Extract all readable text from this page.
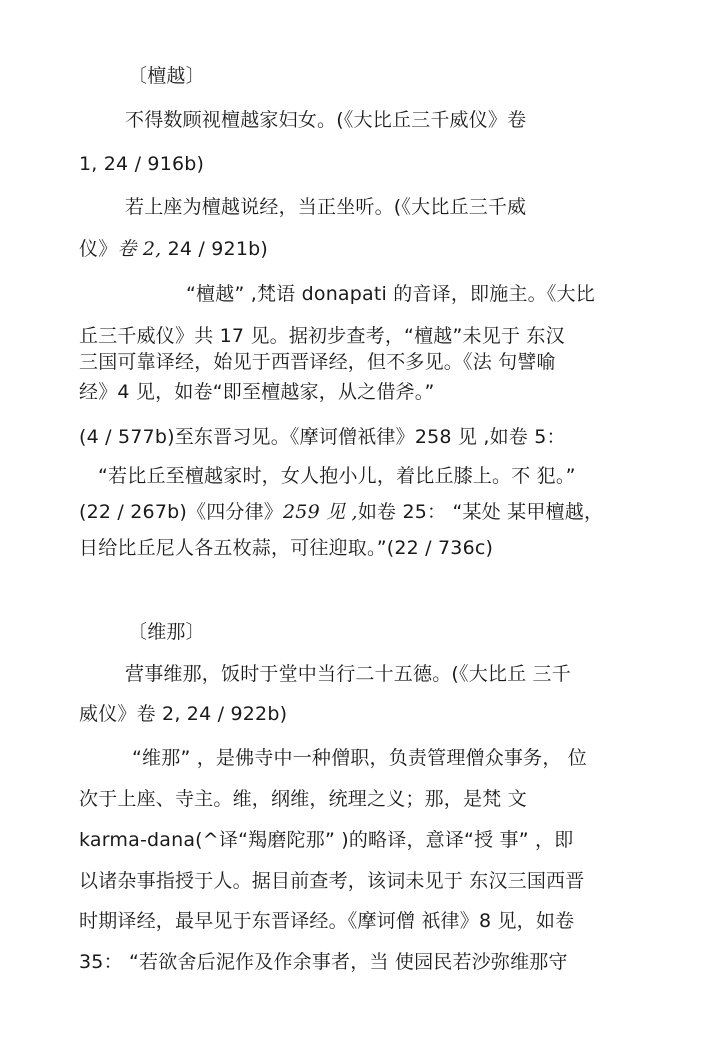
〔檀越〕
不得数顾视檀越家妇女。(《大比丘三千威仪》卷
1, 24 / 916b)
若上座为檀越说经，当正坐听。(《大比丘三千威
仪》卷 2, 24 / 921b)
“檀越” ,梵语 donapati 的音译，即施主。《大比
丘三千威仪》共 17 见。据初步查考，“檀越”未见于 东汉
三国可靠译经，始见于西晋译经，但不多见。《法 句譬喻
经》4 见，如卷“即至檀越家，从之借斧。”
(4 / 577b)至东晋习见。《摩诃僧祇律》258 见 ,如卷 5：
“若比丘至檀越家时，女人抱小儿，着比丘膝上。不 犯。”
(22 / 267b)《四分律》259 见 ,如卷 25： “某处 某甲檀越，
日给比丘尼人各五枚蒜，可往迎取。”(22 / 736c)
〔维那〕
营事维那，饭时于堂中当行二十五德。(《大比丘 三千
威仪》卷 2, 24 / 922b)
“维那” ，是佛寺中一种僧职，负责管理僧众事务， 位
次于上座、寺主。维，纲维，统理之义；那，是梵 文
karma-dana(^译“羯磨陀那” )的略译，意译“授 事” ，即
以诸杂事指授于人。据目前查考，该词未见于 东汉三国西晋
时期译经，最早见于东晋译经。《摩诃僧 祇律》8 见，如卷
35： “若欲舍后泥作及作余事者，当 使园民若沙弥维那守
